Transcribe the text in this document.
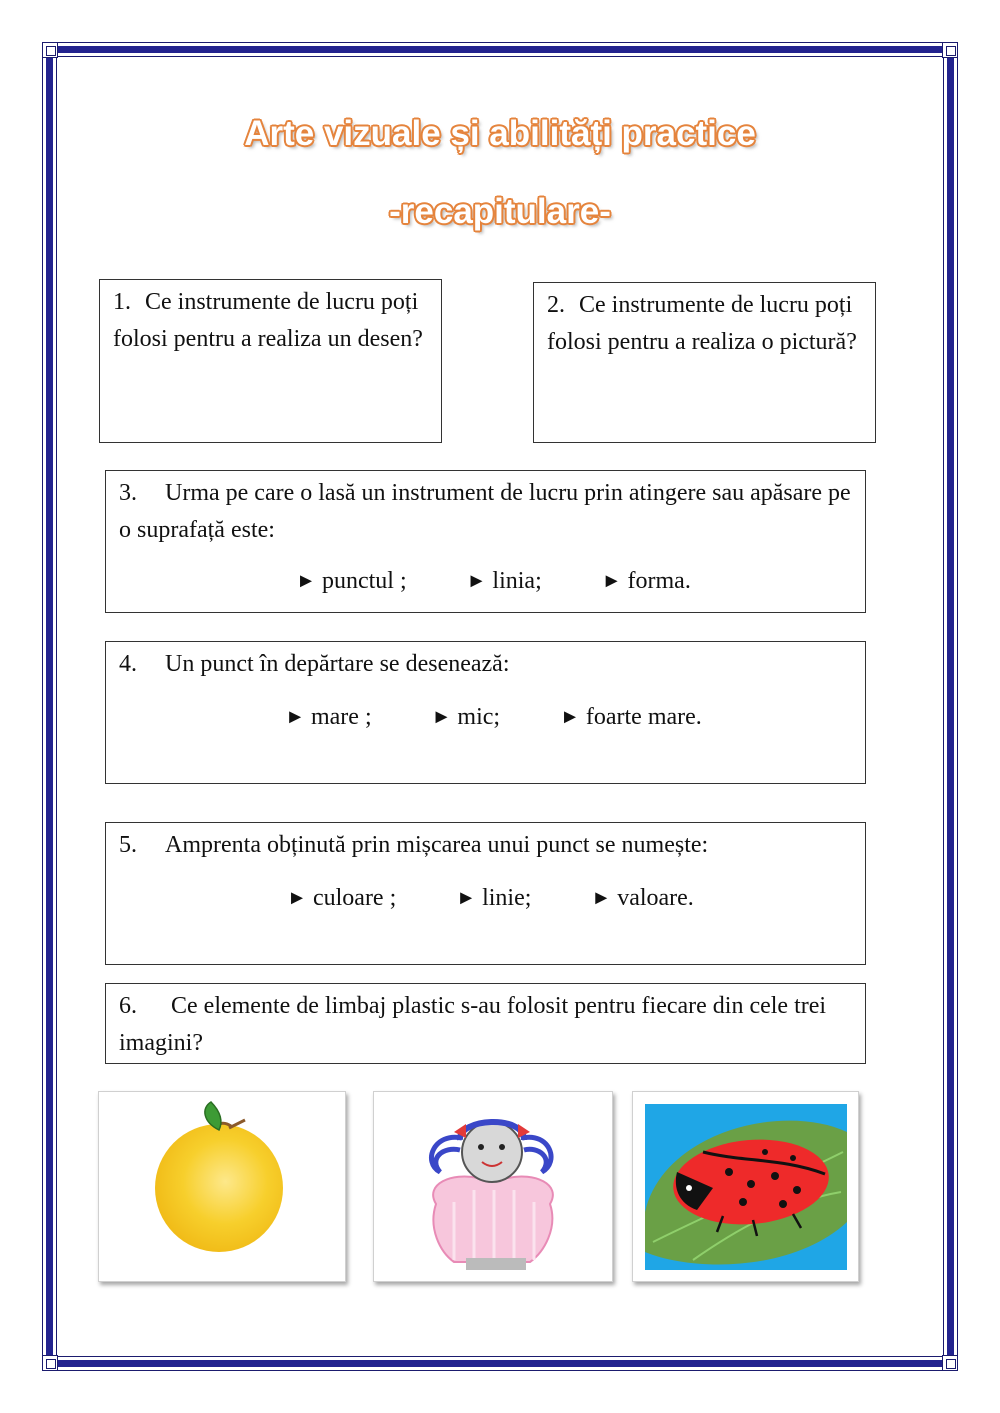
Arte vizuale și abilități practice
-recapitulare-
1. Ce instrumente de lucru poți folosi pentru a realiza un desen?
2. Ce instrumente de lucru poți folosi pentru a realiza o pictură?
3. Urma pe care o lasă un instrument de lucru prin atingere sau apăsare pe o suprafață este:
► punctul ;	► linia;	► forma.
4. Un punct în depărtare se desenează:
► mare ;	► mic;	► foarte mare.
5. Amprenta obținută prin mișcarea unui punct se numește:
► culoare ;	► linie;	► valoare.
6. Ce elemente de limbaj plastic s-au folosit pentru fiecare din cele trei imagini?
